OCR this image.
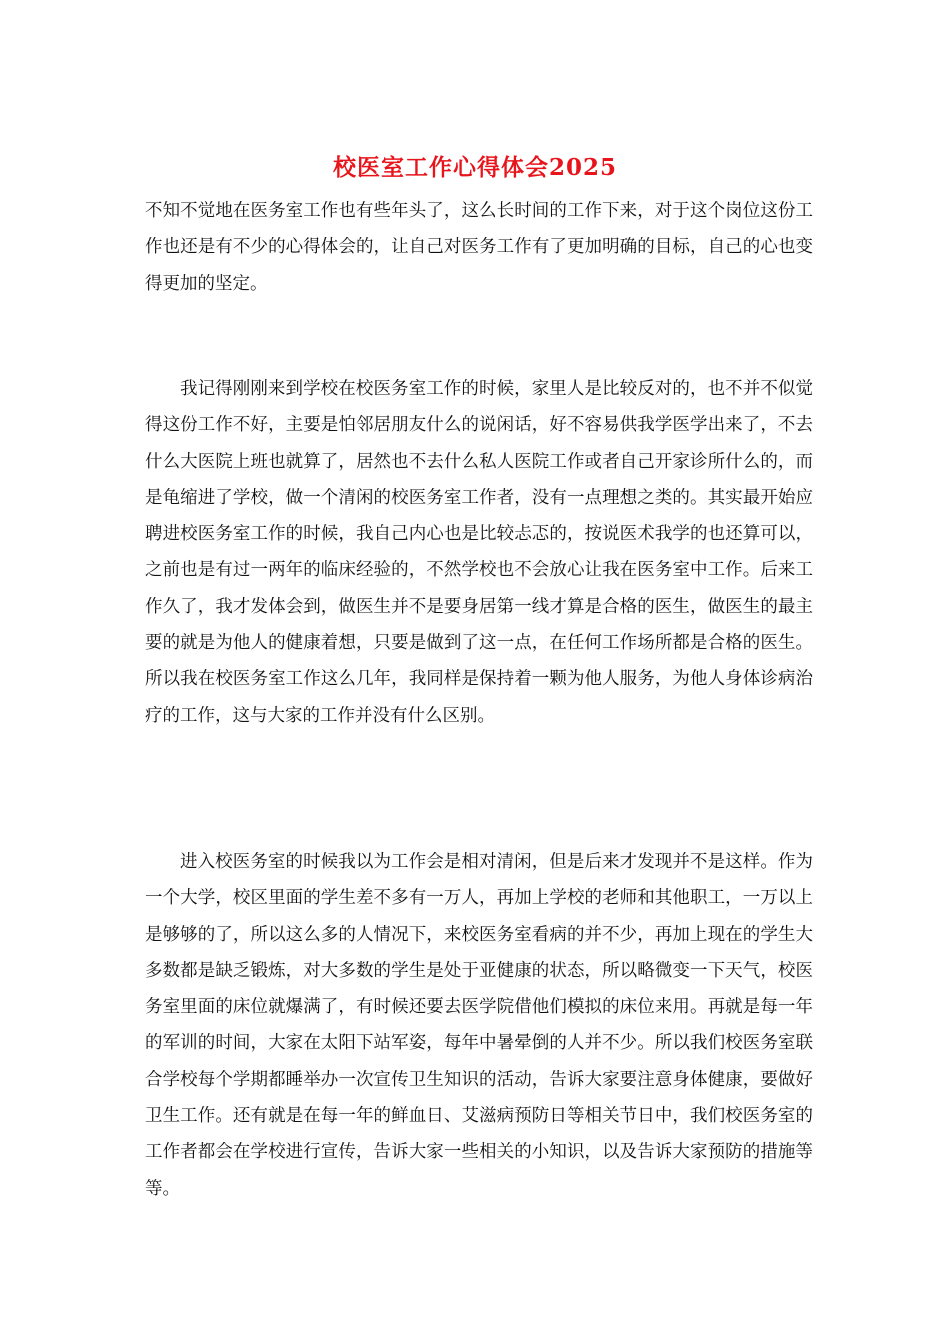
校医室工作心得体会2025

不知不觉地在医务室工作也有些年头了，这么长时间的工作下来，对于这个岗位这份工作也还是有不少的心得体会的，让自己对医务工作有了更加明确的目标，自己的心也变得更加的坚定。

我记得刚刚来到学校在校医务室工作的时候，家里人是比较反对的，也不并不似觉得这份工作不好，主要是怕邻居朋友什么的说闲话，好不容易供我学医学出来了，不去什么大医院上班也就算了，居然也不去什么私人医院工作或者自己开家诊所什么的，而是龟缩进了学校，做一个清闲的校医务室工作者，没有一点理想之类的。其实最开始应聘进校医务室工作的时候，我自己内心也是比较忐忑的，按说医术我学的也还算可以，之前也是有过一两年的临床经验的，不然学校也不会放心让我在医务室中工作。后来工作久了，我才发体会到，做医生并不是要身居第一线才算是合格的医生，做医生的最主要的就是为他人的健康着想，只要是做到了这一点，在任何工作场所都是合格的医生。所以我在校医务室工作这么几年，我同样是保持着一颗为他人服务，为他人身体诊病治疗的工作，这与大家的工作并没有什么区别。

进入校医务室的时候我以为工作会是相对清闲，但是后来才发现并不是这样。作为一个大学，校区里面的学生差不多有一万人，再加上学校的老师和其他职工，一万以上是够够的了，所以这么多的人情况下，来校医务室看病的并不少，再加上现在的学生大多数都是缺乏锻炼，对大多数的学生是处于亚健康的状态，所以略微变一下天气，校医务室里面的床位就爆满了，有时候还要去医学院借他们模拟的床位来用。再就是每一年的军训的时间，大家在太阳下站军姿，每年中暑晕倒的人并不少。所以我们校医务室联合学校每个学期都睡举办一次宣传卫生知识的活动，告诉大家要注意身体健康，要做好卫生工作。还有就是在每一年的鲜血日、艾滋病预防日等相关节日中，我们校医务室的工作者都会在学校进行宣传，告诉大家一些相关的小知识，以及告诉大家预防的措施等等。
